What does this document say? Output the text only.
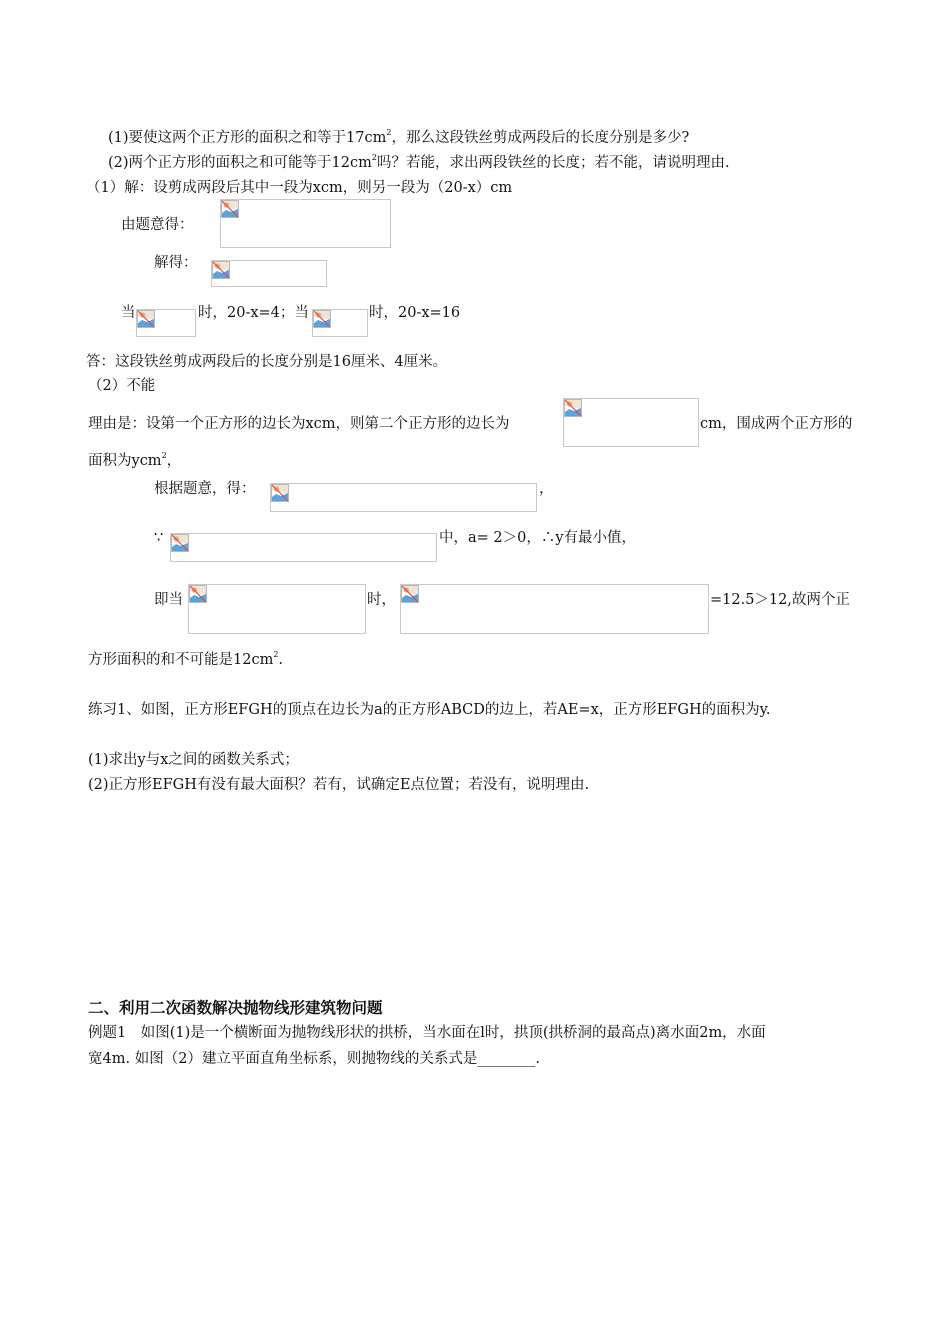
(1)要使这两个正方形的面积之和等于$17cm^2$，那么这段铁丝剪成两段后的长度分别是多少?
(2)两个正方形的面积之和可能等于$12cm^2$吗？若能，求出两段铁丝的长度；若不能，请说明理由.
（1）解：设剪成两段后其中一段为xcm，则另一段为（20-x）cm
由题意得：
解得：
当	时，20-x=4；当	时，20-x=16
答：这段铁丝剪成两段后的长度分别是16厘米、4厘米。
（2）不能
理由是：设第一个正方形的边长为xcm，则第二个正方形的边长为	cm，围成两个正方形的
面积为ycm$^2$，
根据题意，得：	，
∵	中，a= 2＞0，∴y有最小值，
即当	时，	=12.5＞12,故两个正
方形面积的和不可能是$12cm^2$.
练习1、如图，正方形EFGH的顶点在边长为a的正方形ABCD的边上，若AE=x，正方形EFGH的面积为y.
(1)求出y与x之间的函数关系式；
(2)正方形EFGH有没有最大面积？若有，试确定E点位置；若没有，说明理由.
二、利用二次函数解决抛物线形建筑物问题
例题1　如图(1)是一个横断面为抛物线形状的拱桥，当水面在l时，拱顶(拱桥洞的最高点)离水面2m，水面
宽4m. 如图（2）建立平面直角坐标系，则抛物线的关系式是________.
